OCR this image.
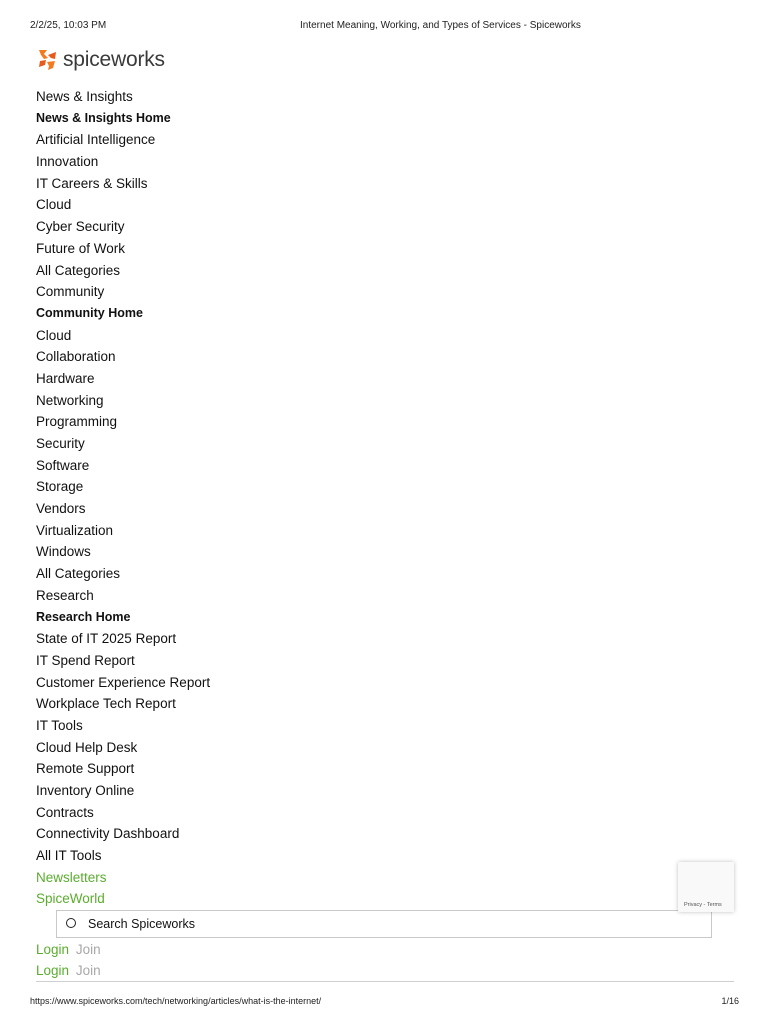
2/2/25, 10:03 PM	Internet Meaning, Working, and Types of Services - Spiceworks
spiceworks
News & Insights
News & Insights Home
Artificial Intelligence
Innovation
IT Careers & Skills
Cloud
Cyber Security
Future of Work
All Categories
Community
Community Home
Cloud
Collaboration
Hardware
Networking
Programming
Security
Software
Storage
Vendors
Virtualization
Windows
All Categories
Research
Research Home
State of IT 2025 Report
IT Spend Report
Customer Experience Report
Workplace Tech Report
IT Tools
Cloud Help Desk
Remote Support
Inventory Online
Contracts
Connectivity Dashboard
All IT Tools
Newsletters
SpiceWorld
Search Spiceworks
Login Join
Login Join
Privacy - Terms
https://www.spiceworks.com/tech/networking/articles/what-is-the-internet/	1/16
